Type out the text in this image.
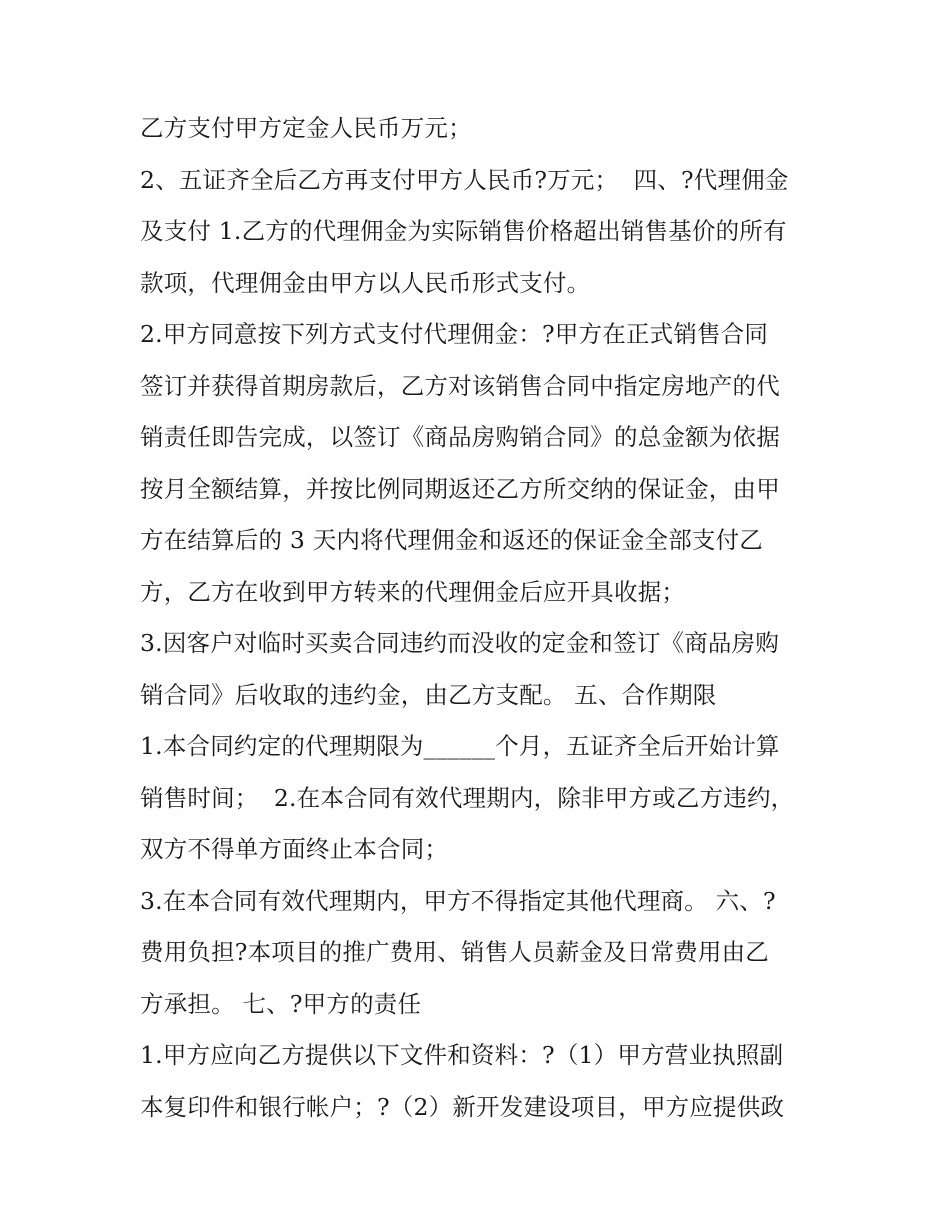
乙方支付甲方定金人民币万元；
2、五证齐全后乙方再支付甲方人民币?万元；  四、?代理佣金
及支付 1.乙方的代理佣金为实际销售价格超出销售基价的所有
款项，代理佣金由甲方以人民币形式支付。
2.甲方同意按下列方式支付代理佣金：?甲方在正式销售合同
签订并获得首期房款后，乙方对该销售合同中指定房地产的代
销责任即告完成，以签订《商品房购销合同》的总金额为依据
按月全额结算，并按比例同期返还乙方所交纳的保证金，由甲
方在结算后的 3 天内将代理佣金和返还的保证金全部支付乙
方，乙方在收到甲方转来的代理佣金后应开具收据；
3.因客户对临时买卖合同违约而没收的定金和签订《商品房购
销合同》后收取的违约金，由乙方支配。 五、合作期限
1.本合同约定的代理期限为______个月，五证齐全后开始计算
销售时间；  2.在本合同有效代理期内，除非甲方或乙方违约，
双方不得单方面终止本合同；
3.在本合同有效代理期内，甲方不得指定其他代理商。 六、?
费用负担?本项目的推广费用、销售人员薪金及日常费用由乙
方承担。 七、?甲方的责任
1.甲方应向乙方提供以下文件和资料：?（1）甲方营业执照副
本复印件和银行帐户；?（2）新开发建设项目，甲方应提供政
